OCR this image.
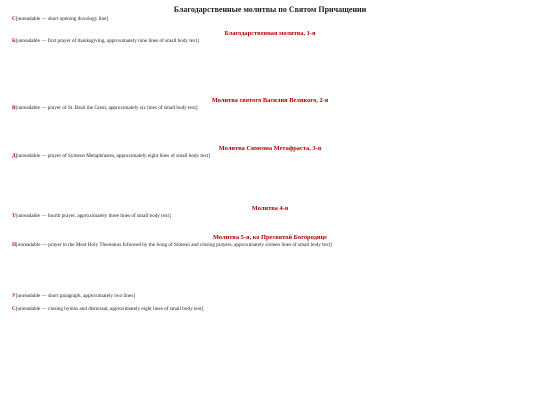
Благодарственные молитвы по Святом Причащении

С[unreadable — short opening doxology line]

Благодарственная молитва, 1-я

Б[unreadable — first prayer of thanksgiving, approximately nine lines of small body text]

Молитва святого Василия Великого, 2-я

В[unreadable — prayer of St. Basil the Great, approximately six lines of small body text]

Молитва Симеона Метафраста, 3-я

Д[unreadable — prayer of Symeon Metaphrastes, approximately eight lines of small body text]

Молитва 4-я

Т[unreadable — fourth prayer, approximately three lines of small body text]

Молитва 5-я, ко Пресвятой Богородице

П[unreadable — prayer to the Most Holy Theotokos followed by the Song of Simeon and closing prayers, approximately sixteen lines of small body text]

У[unreadable — short paragraph, approximately two lines]

С[unreadable — closing hymns and dismissal, approximately eight lines of small body text]
